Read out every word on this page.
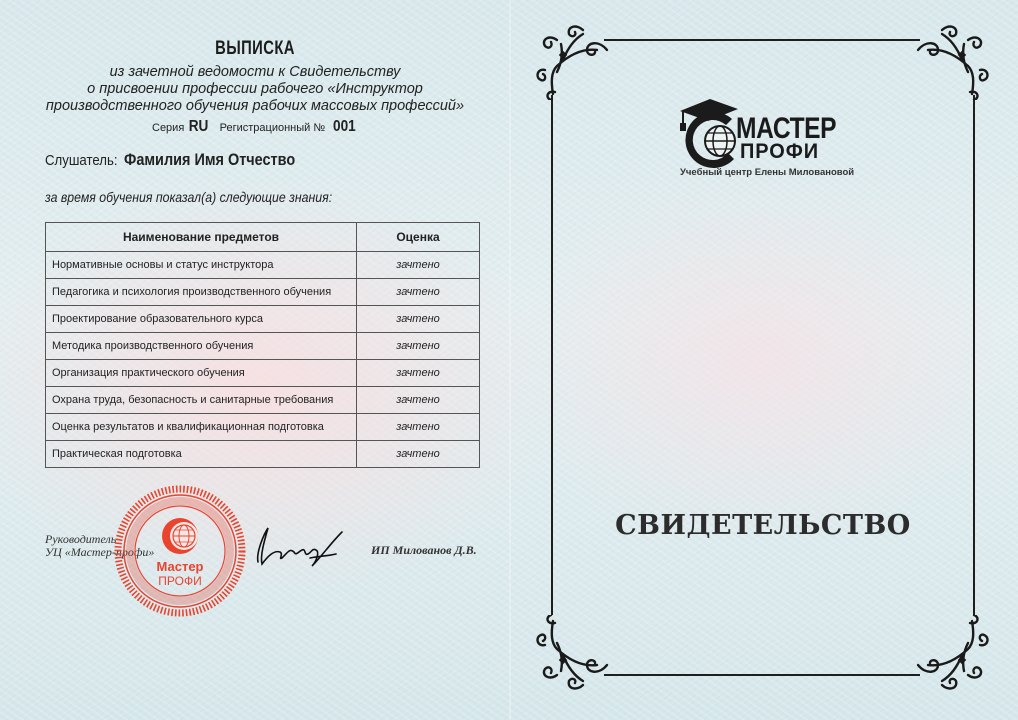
ВЫПИСКА
из зачетной ведомости к Свидетельству
о присвоении профессии рабочего «Инструктор
производственного обучения рабочих массовых профессий»
Серия RU Регистрационный № 001
Слушатель: Фамилия Имя Отчество
за время обучения показал(а) следующие знания:
Наименование предметов	Оценка
Нормативные основы и статус инструктора	зачтено
Педагогика и психология производственного обучения	зачтено
Проектирование образовательного курса	зачтено
Методика производственного обучения	зачтено
Организация практического обучения	зачтено
Охрана труда, безопасность и санитарные требования	зачтено
Оценка результатов и квалификационная подготовка	зачтено
Практическая подготовка	зачтено
Руководитель
УЦ «Мастер-профи»
Мастер
ПРОФИ
ИП Милованов Д.В.
МАСТЕР
ПРОФИ
Учебный центр Елены Миловановой
СВИДЕТЕЛЬСТВО
